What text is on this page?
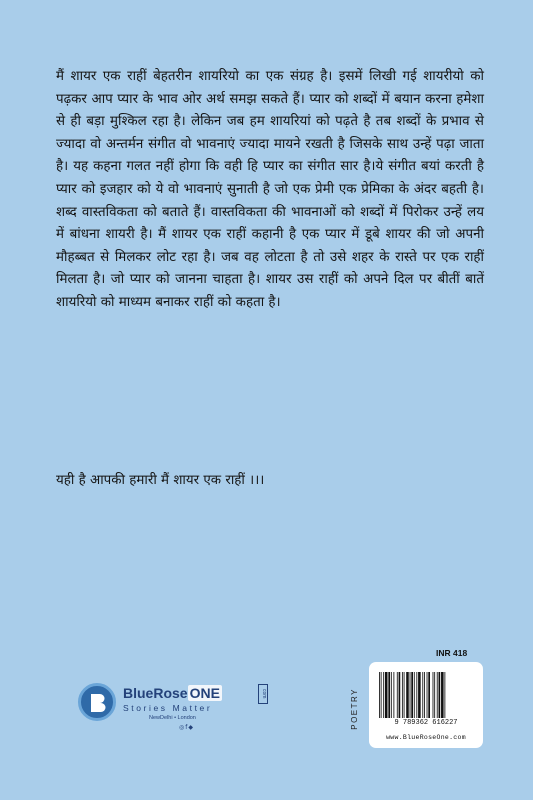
मैं शायर एक राहीं बेहतरीन शायरियो का एक संग्रह है। इसमें लिखी गई शायरीयो को पढ़कर आप प्यार के भाव ओर अर्थ समझ सकते हैं। प्यार को शब्दों में बयान करना हमेशा से ही बड़ा मुश्किल रहा है। लेकिन जब हम शायरियां को पढ़ते है तब शब्दों के प्रभाव से ज्यादा वो अन्तर्मन संगीत वो भावनाएं ज्यादा मायने रखती है जिसके साथ उन्हें पढ़ा जाता है। यह कहना गलत नहीं होगा कि वही हि प्यार का संगीत सार है।ये संगीत बयां करती है प्यार को इजहार को ये वो भावनाएं सुनाती है जो एक प्रेमी एक प्रेमिका के अंदर बहती है। शब्द वास्तविकता को बताते हैं। वास्तविकता की भावनाओं को शब्दों में पिरोकर उन्हें लय में बांधना शायरी है। मैं शायर एक राहीं कहानी है एक प्यार में डूबे शायर की जो अपनी मौहब्बत से मिलकर लोट रहा है। जब वह लोटता है तो उसे शहर के रास्ते पर एक राहीं मिलता है। जो प्यार को जानना चाहता है। शायर उस राहीं को अपने दिल पर बीतीं बातें शायरियो को माध्यम बनाकर राहीं को कहता है।

यही है आपकी हमारी मैं शायर एक राहीं ।।।

BlueRose ONE	com
Stories Matter
NewDelhi • London
◎f◆
INR 418
POETRY	9 789362 616227
www.BlueRoseOne.com
